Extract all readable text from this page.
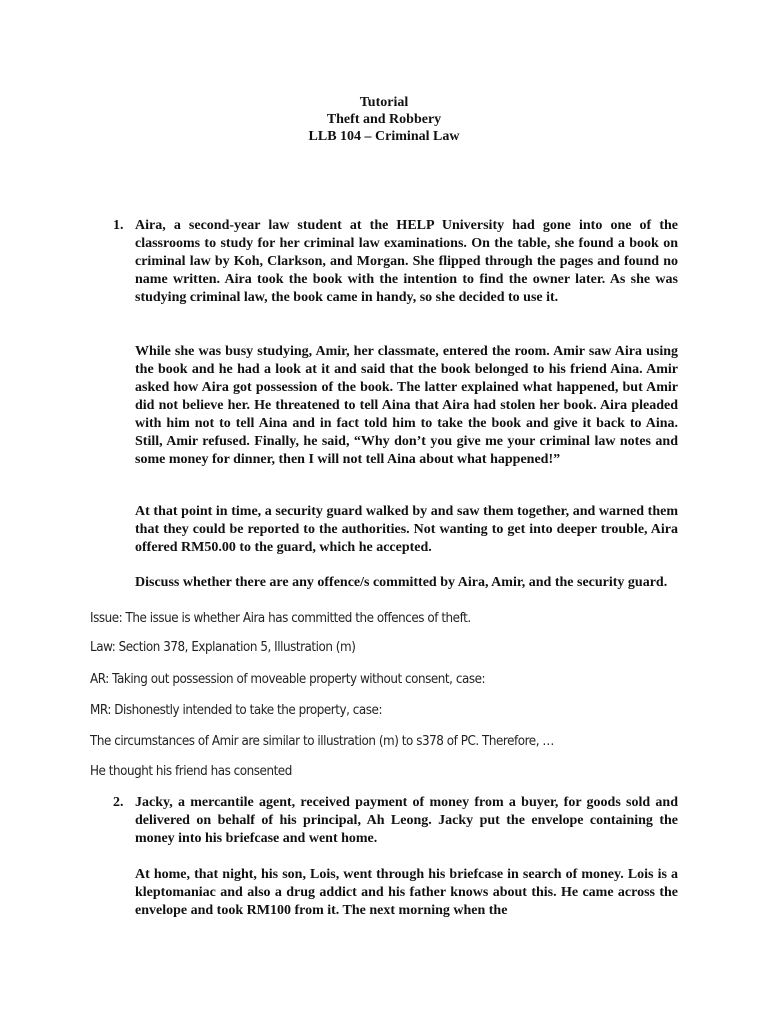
Tutorial
Theft and Robbery
LLB 104 – Criminal Law
1. Aira, a second-year law student at the HELP University had gone into one of the classrooms to study for her criminal law examinations. On the table, she found a book on criminal law by Koh, Clarkson, and Morgan. She flipped through the pages and found no name written. Aira took the book with the intention to find the owner later. As she was studying criminal law, the book came in handy, so she decided to use it.

While she was busy studying, Amir, her classmate, entered the room. Amir saw Aira using the book and he had a look at it and said that the book belonged to his friend Aina. Amir asked how Aira got possession of the book. The latter explained what happened, but Amir did not believe her. He threatened to tell Aina that Aira had stolen her book. Aira pleaded with him not to tell Aina and in fact told him to take the book and give it back to Aina. Still, Amir refused. Finally, he said, “Why don’t you give me your criminal law notes and some money for dinner, then I will not tell Aina about what happened!”

At that point in time, a security guard walked by and saw them together, and warned them that they could be reported to the authorities. Not wanting to get into deeper trouble, Aira offered RM50.00 to the guard, which he accepted.

Discuss whether there are any offence/s committed by Aira, Amir, and the security guard.

Issue: The issue is whether Aira has committed the offences of theft.
Law: Section 378, Explanation 5, Illustration (m)
AR: Taking out possession of moveable property without consent, case:
MR: Dishonestly intended to take the property, case:
The circumstances of Amir are similar to illustration (m) to s378 of PC. Therefore, …
He thought his friend has consented
2. Jacky, a mercantile agent, received payment of money from a buyer, for goods sold and delivered on behalf of his principal, Ah Leong. Jacky put the envelope containing the money into his briefcase and went home.

At home, that night, his son, Lois, went through his briefcase in search of money. Lois is a kleptomaniac and also a drug addict and his father knows about this. He came across the envelope and took RM100 from it. The next morning when the
